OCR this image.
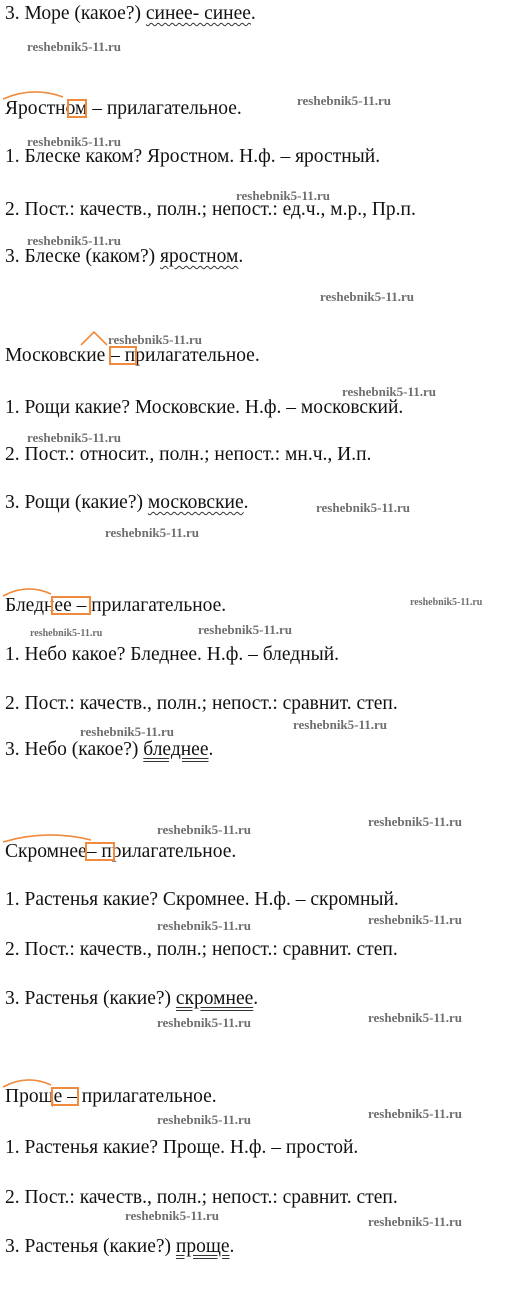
3. Море (какое?) синее- синее.
Яростном
– прилагательное.
1. Блеске каком? Яростном. Н.ф. – яростный.
2. Пост.: качеств., полн.; непост.: ед.ч., м.р., Пр.п.
3. Блеске (каком?) яростном.
Московские
– прилагательное.
1. Рощи какие? Московские. Н.ф. – московский.
2. Пост.: относит., полн.; непост.: мн.ч., И.п.
3. Рощи (какие?) московские.
Бледнее
– прилагательное.
1. Небо какое? Бледнее. Н.ф. – бледный.
2. Пост.: качеств., полн.; непост.: сравнит. степ.
3. Небо (какое?) бледнее.
Скромнее
– прилагательное.
1. Растенья какие? Скромнее. Н.ф. – скромный.
2. Пост.: качеств., полн.; непост.: сравнит. степ.
3. Растенья (какие?) скромнее.
Проще
– прилагательное.
1. Растенья какие? Проще. Н.ф. – простой.
2. Пост.: качеств., полн.; непост.: сравнит. степ.
3. Растенья (какие?) проще.
reshebnik5-11.ru
reshebnik5-11.ru
reshebnik5-11.ru
reshebnik5-11.ru
reshebnik5-11.ru
reshebnik5-11.ru
reshebnik5-11.ru
reshebnik5-11.ru
reshebnik5-11.ru
reshebnik5-11.ru
reshebnik5-11.ru
reshebnik5-11.ru
reshebnik5-11.ru	reshebnik5-11.ru
reshebnik5-11.ru	reshebnik5-11.ru
reshebnik5-11.ru
reshebnik5-11.ru
reshebnik5-11.ru
reshebnik5-11.ru
reshebnik5-11.ru
reshebnik5-11.ru
reshebnik5-11.ru
reshebnik5-11.ru
reshebnik5-11.ru	reshebnik5-11.ru
